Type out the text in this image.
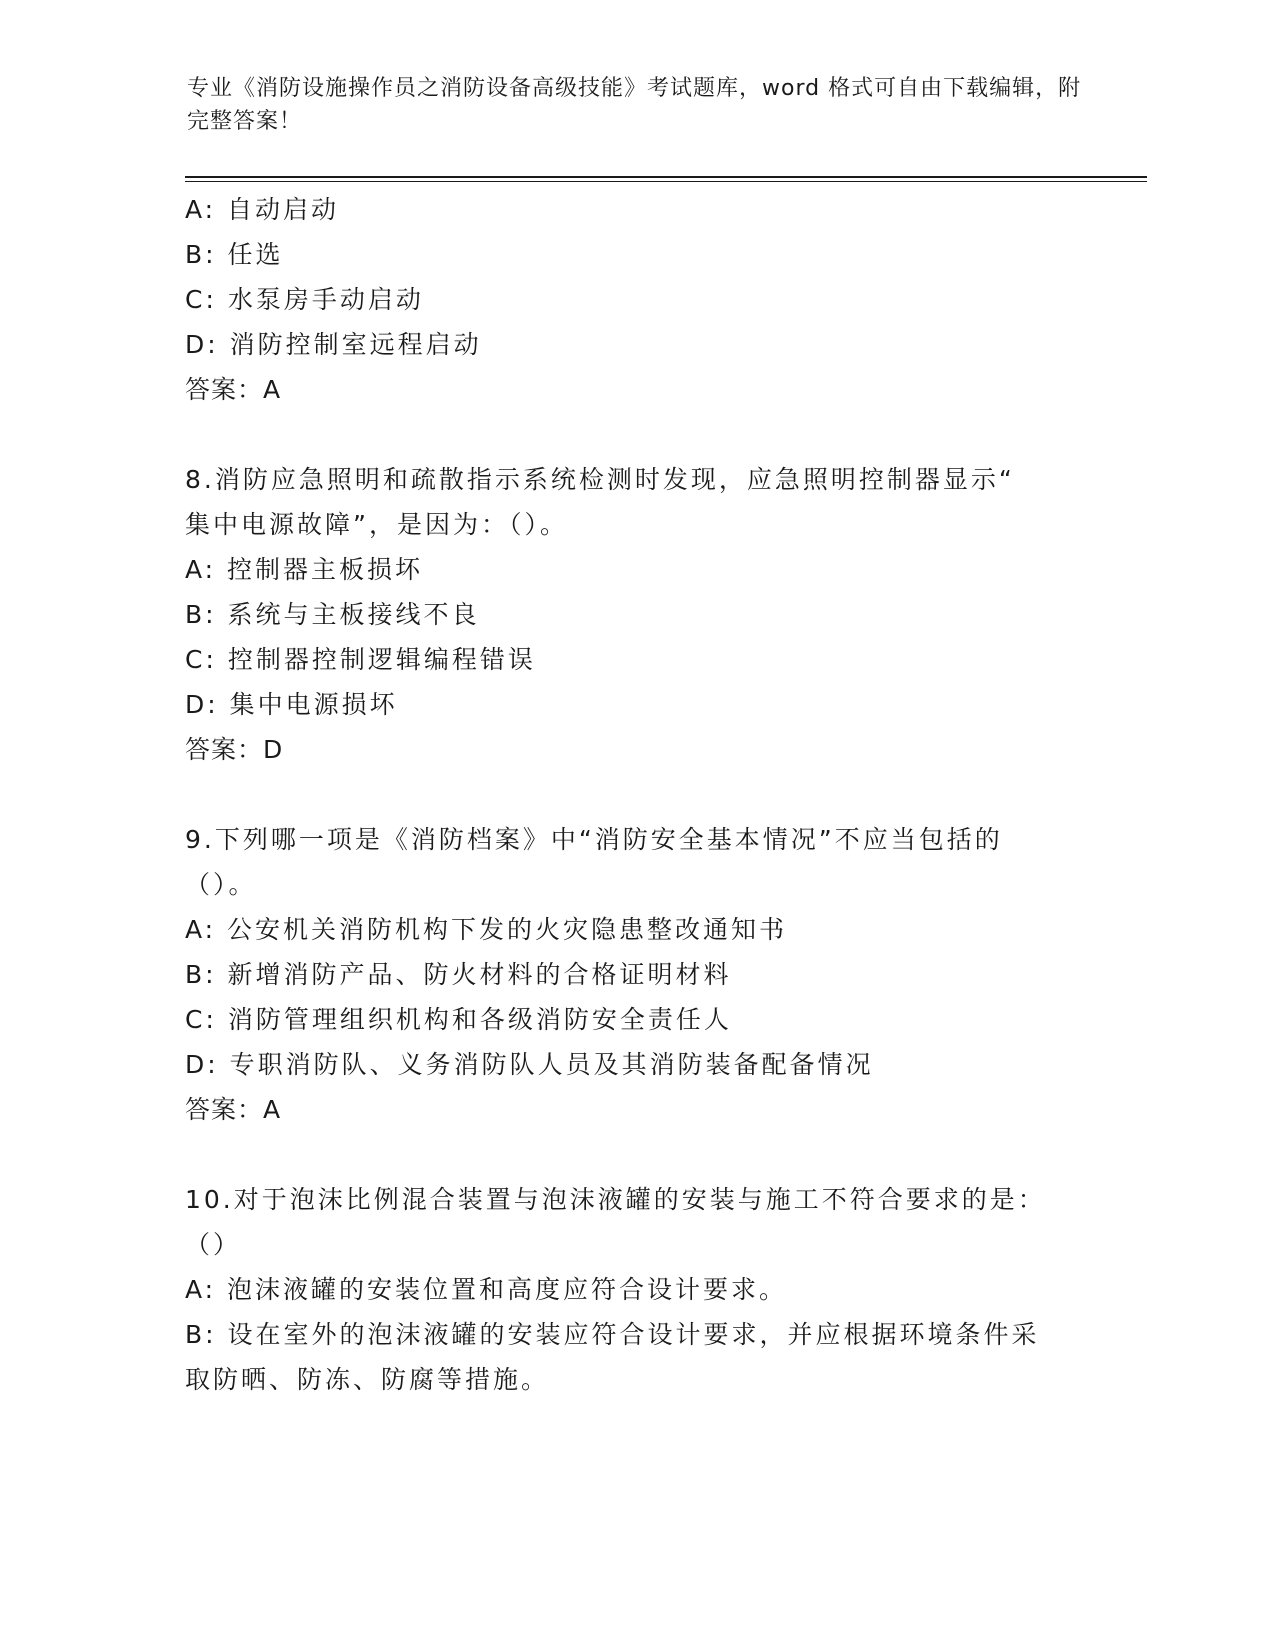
专业《消防设施操作员之消防设备高级技能》考试题库，word 格式可自由下载编辑，附完整答案！
A: 自动启动
B: 任选
C: 水泵房手动启动
D: 消防控制室远程启动
答案：A
8.消防应急照明和疏散指示系统检测时发现，应急照明控制器显示“
集中电源故障”，是因为：（）。
A: 控制器主板损坏
B: 系统与主板接线不良
C: 控制器控制逻辑编程错误
D: 集中电源损坏
答案：D
9.下列哪一项是《消防档案》中“消防安全基本情况”不应当包括的
（）。
A: 公安机关消防机构下发的火灾隐患整改通知书
B: 新增消防产品、防火材料的合格证明材料
C: 消防管理组织机构和各级消防安全责任人
D: 专职消防队、义务消防队人员及其消防装备配备情况
答案：A
10.对于泡沫比例混合装置与泡沫液罐的安装与施工不符合要求的是：
（）
A: 泡沫液罐的安装位置和高度应符合设计要求。
B: 设在室外的泡沫液罐的安装应符合设计要求，并应根据环境条件采
取防晒、防冻、防腐等措施。
